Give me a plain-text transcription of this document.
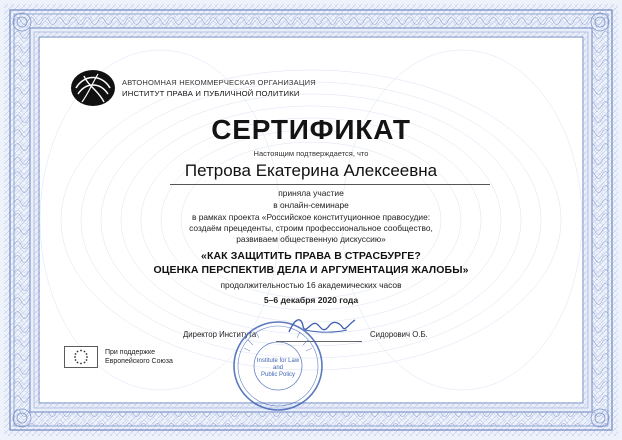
АВТОНОМНАЯ НЕКОММЕРЧЕСКАЯ ОРГАНИЗАЦИЯ
ИНСТИТУТ ПРАВА И ПУБЛИЧНОЙ ПОЛИТИКИ
СЕРТИФИКАТ
Настоящим подтверждается, что
Петрова Екатерина Алексеевна
приняла участие
в онлайн-семинаре
в рамках проекта «Российское конституционное правосудие:
создаём прецеденты, строим профессиональное сообщество,
развиваем общественную дискуссию»
«КАК ЗАЩИТИТЬ ПРАВА В СТРАСБУРГЕ?
ОЦЕНКА ПЕРСПЕКТИВ ДЕЛА И АРГУМЕНТАЦИЯ ЖАЛОБЫ»
продолжительностью 16 академических часов
5–6 декабря 2020 года
Директор Института
Institute for Law
and
Public Policy
Сидорович О.Б.
При поддержке
Европейского Союза
